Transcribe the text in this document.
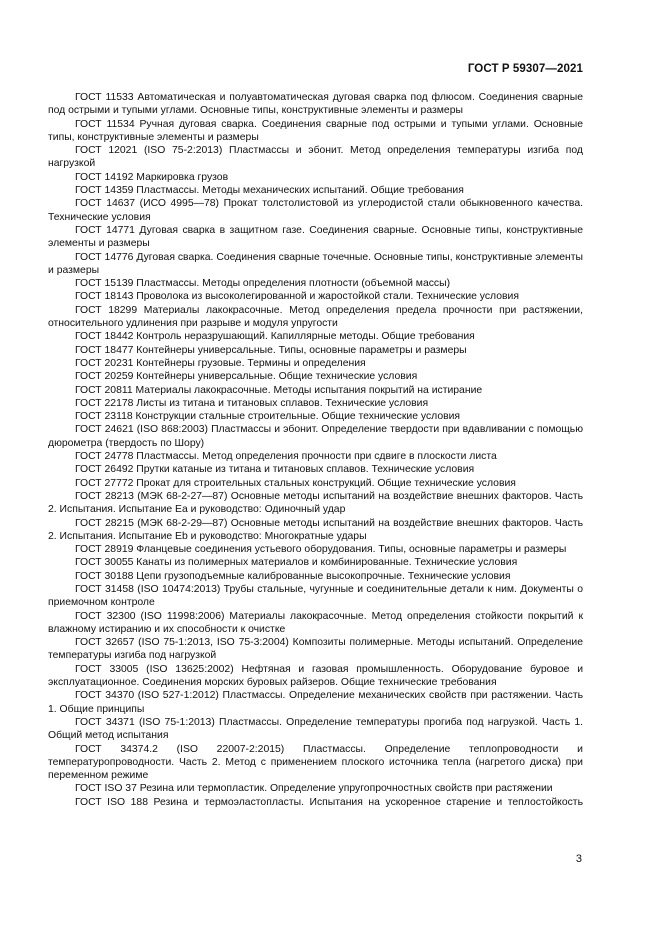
ГОСТ Р 59307—2021

ГОСТ 11533 Автоматическая и полуавтоматическая дуговая сварка под флюсом. Соединения сварные под острыми и тупыми углами. Основные типы, конструктивные элементы и размеры

ГОСТ 11534 Ручная дуговая сварка. Соединения сварные под острыми и тупыми углами. Основные типы, конструктивные элементы и размеры

ГОСТ 12021 (ISO 75-2:2013) Пластмассы и эбонит. Метод определения температуры изгиба под нагрузкой

ГОСТ 14192 Маркировка грузов

ГОСТ 14359 Пластмассы. Методы механических испытаний. Общие требования

ГОСТ 14637 (ИСО 4995—78) Прокат толстолистовой из углеродистой стали обыкновенного качества. Технические условия

ГОСТ 14771 Дуговая сварка в защитном газе. Соединения сварные. Основные типы, конструктивные элементы и размеры

ГОСТ 14776 Дуговая сварка. Соединения сварные точечные. Основные типы, конструктивные элементы и размеры

ГОСТ 15139 Пластмассы. Методы определения плотности (объемной массы)

ГОСТ 18143 Проволока из высоколегированной и жаростойкой стали. Технические условия

ГОСТ 18299 Материалы лакокрасочные. Метод определения предела прочности при растяжении, относительного удлинения при разрыве и модуля упругости

ГОСТ 18442 Контроль неразрушающий. Капиллярные методы. Общие требования

ГОСТ 18477 Контейнеры универсальные. Типы, основные параметры и размеры

ГОСТ 20231 Контейнеры грузовые. Термины и определения

ГОСТ 20259 Контейнеры универсальные. Общие технические условия

ГОСТ 20811 Материалы лакокрасочные. Методы испытания покрытий на истирание

ГОСТ 22178 Листы из титана и титановых сплавов. Технические условия

ГОСТ 23118 Конструкции стальные строительные. Общие технические условия

ГОСТ 24621 (ISO 868:2003) Пластмассы и эбонит. Определение твердости при вдавливании с помощью дюрометра (твердость по Шору)

ГОСТ 24778 Пластмассы. Метод определения прочности при сдвиге в плоскости листа

ГОСТ 26492 Прутки катаные из титана и титановых сплавов. Технические условия

ГОСТ 27772 Прокат для строительных стальных конструкций. Общие технические условия

ГОСТ 28213 (МЭК 68-2-27—87) Основные методы испытаний на воздействие внешних факторов. Часть 2. Испытания. Испытание Еа и руководство: Одиночный удар

ГОСТ 28215 (МЭК 68-2-29—87) Основные методы испытаний на воздействие внешних факторов. Часть 2. Испытания. Испытание Еb и руководство: Многократные удары

ГОСТ 28919 Фланцевые соединения устьевого оборудования. Типы, основные параметры и размеры

ГОСТ 30055 Канаты из полимерных материалов и комбинированные. Технические условия

ГОСТ 30188 Цепи грузоподъемные калиброванные высокопрочные. Технические условия

ГОСТ 31458 (ISO 10474:2013) Трубы стальные, чугунные и соединительные детали к ним. Документы о приемочном контроле

ГОСТ 32300 (ISO 11998:2006) Материалы лакокрасочные. Метод определения стойкости покрытий к влажному истиранию и их способности к очистке

ГОСТ 32657 (ISO 75-1:2013, ISO 75-3:2004) Композиты полимерные. Методы испытаний. Определение температуры изгиба под нагрузкой

ГОСТ 33005 (ISO 13625:2002) Нефтяная и газовая промышленность. Оборудование буровое и эксплуатационное. Соединения морских буровых райзеров. Общие технические требования

ГОСТ 34370 (ISO 527-1:2012) Пластмассы. Определение механических свойств при растяжении. Часть 1. Общие принципы

ГОСТ 34371 (ISO 75-1:2013) Пластмассы. Определение температуры прогиба под нагрузкой. Часть 1. Общий метод испытания

ГОСТ 34374.2 (ISO 22007-2:2015) Пластмассы. Определение теплопроводности и температуропроводности. Часть 2. Метод с применением плоского источника тепла (нагретого диска) при переменном режиме

ГОСТ ISO 37 Резина или термопластик. Определение упругопрочностных свойств при растяжении

ГОСТ ISO 188 Резина и термоэластопласты. Испытания на ускоренное старение и теплостойкость

3
